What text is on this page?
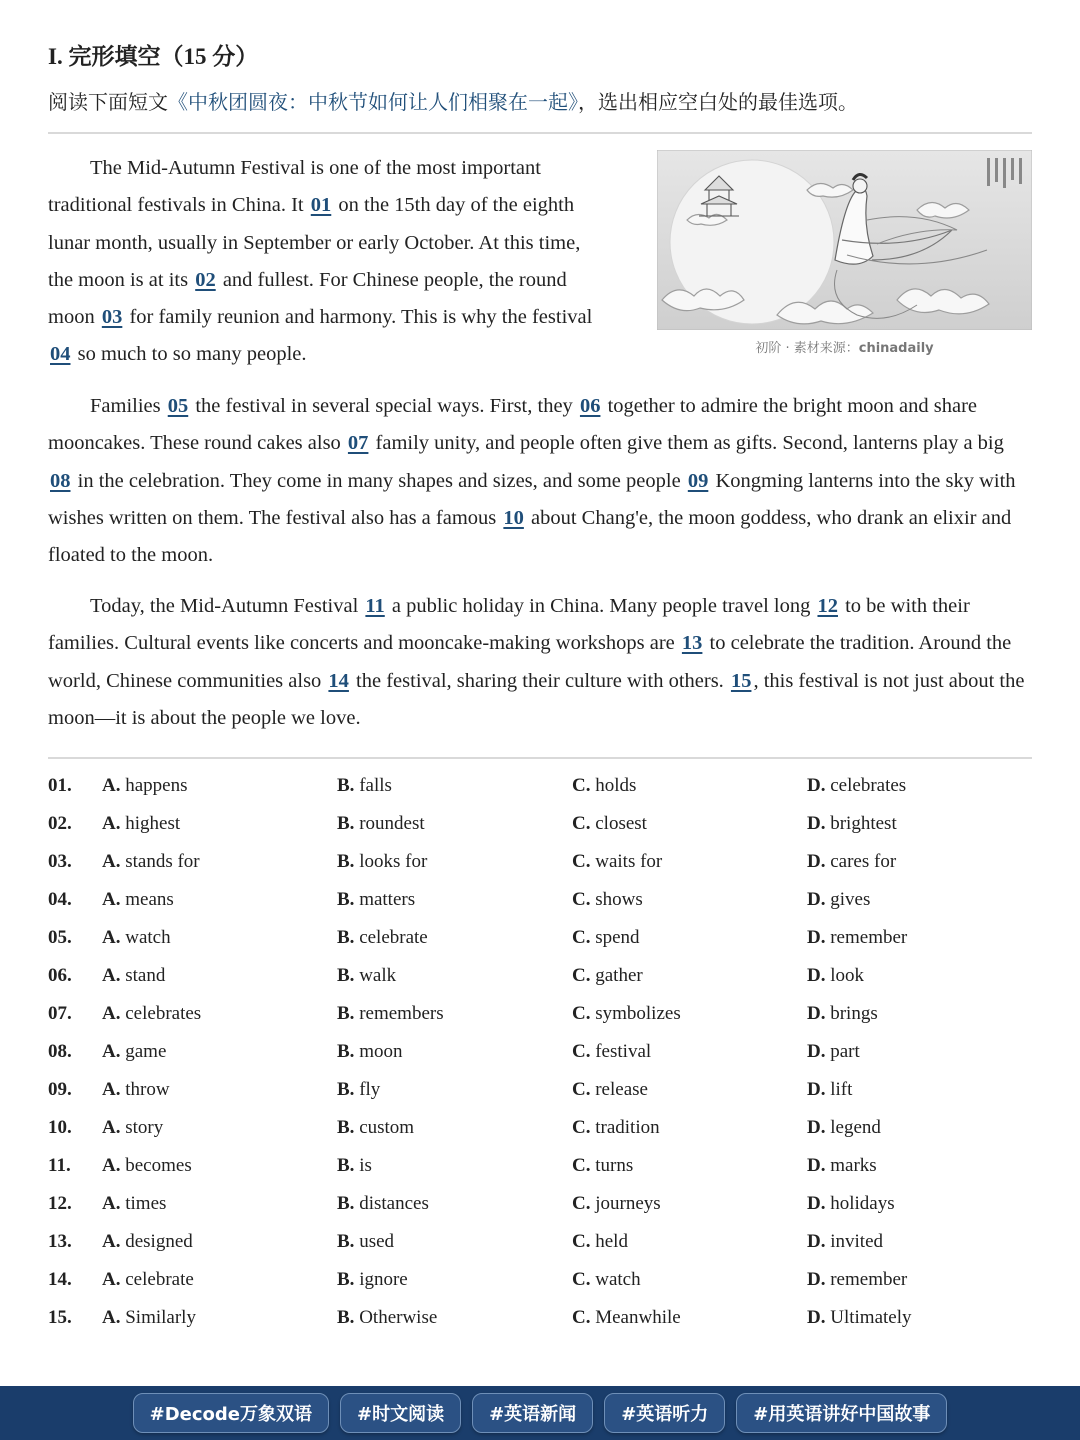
I. 完形填空（15 分）
阅读下面短文《中秋团圆夜：中秋节如何让人们相聚在一起》，选出相应空白处的最佳选项。

The Mid-Autumn Festival is one of the most important traditional festivals in China. It 01 on the 15th day of the eighth lunar month, usually in September or early October. At this time, the moon is at its 02 and fullest. For Chinese people, the round moon 03 for family reunion and harmony. This is why the festival 04 so much to so many people.	初阶 · 素材来源：chinadaily

Families 05 the festival in several special ways. First, they 06 together to admire the bright moon and share mooncakes. These round cakes also 07 family unity, and people often give them as gifts. Second, lanterns play a big 08 in the celebration. They come in many shapes and sizes, and some people 09 Kongming lanterns into the sky with wishes written on them. The festival also has a famous 10 about Chang'e, the moon goddess, who drank an elixir and floated to the moon.

Today, the Mid-Autumn Festival 11 a public holiday in China. Many people travel long 12 to be with their families. Cultural events like concerts and mooncake-making workshops are 13 to celebrate the tradition. Around the world, Chinese communities also 14 the festival, sharing their culture with others. 15, this festival is not just about the moon—it is about the people we love.

01. A. happens	B. falls	C. holds	D. celebrates
02. A. highest	B. roundest	C. closest	D. brightest
03. A. stands for	B. looks for	C. waits for	D. cares for
04. A. means	B. matters	C. shows	D. gives
05. A. watch	B. celebrate	C. spend	D. remember
06. A. stand	B. walk	C. gather	D. look
07. A. celebrates	B. remembers	C. symbolizes	D. brings
08. A. game	B. moon	C. festival	D. part
09. A. throw	B. fly	C. release	D. lift
10. A. story	B. custom	C. tradition	D. legend
11. A. becomes	B. is	C. turns	D. marks
12. A. times	B. distances	C. journeys	D. holidays
13. A. designed	B. used	C. held	D. invited
14. A. celebrate	B. ignore	C. watch	D. remember
15. A. Similarly	B. Otherwise	C. Meanwhile	D. Ultimately
#Decode万象双语	#时文阅读	#英语新闻	#英语听力	#用英语讲好中国故事
